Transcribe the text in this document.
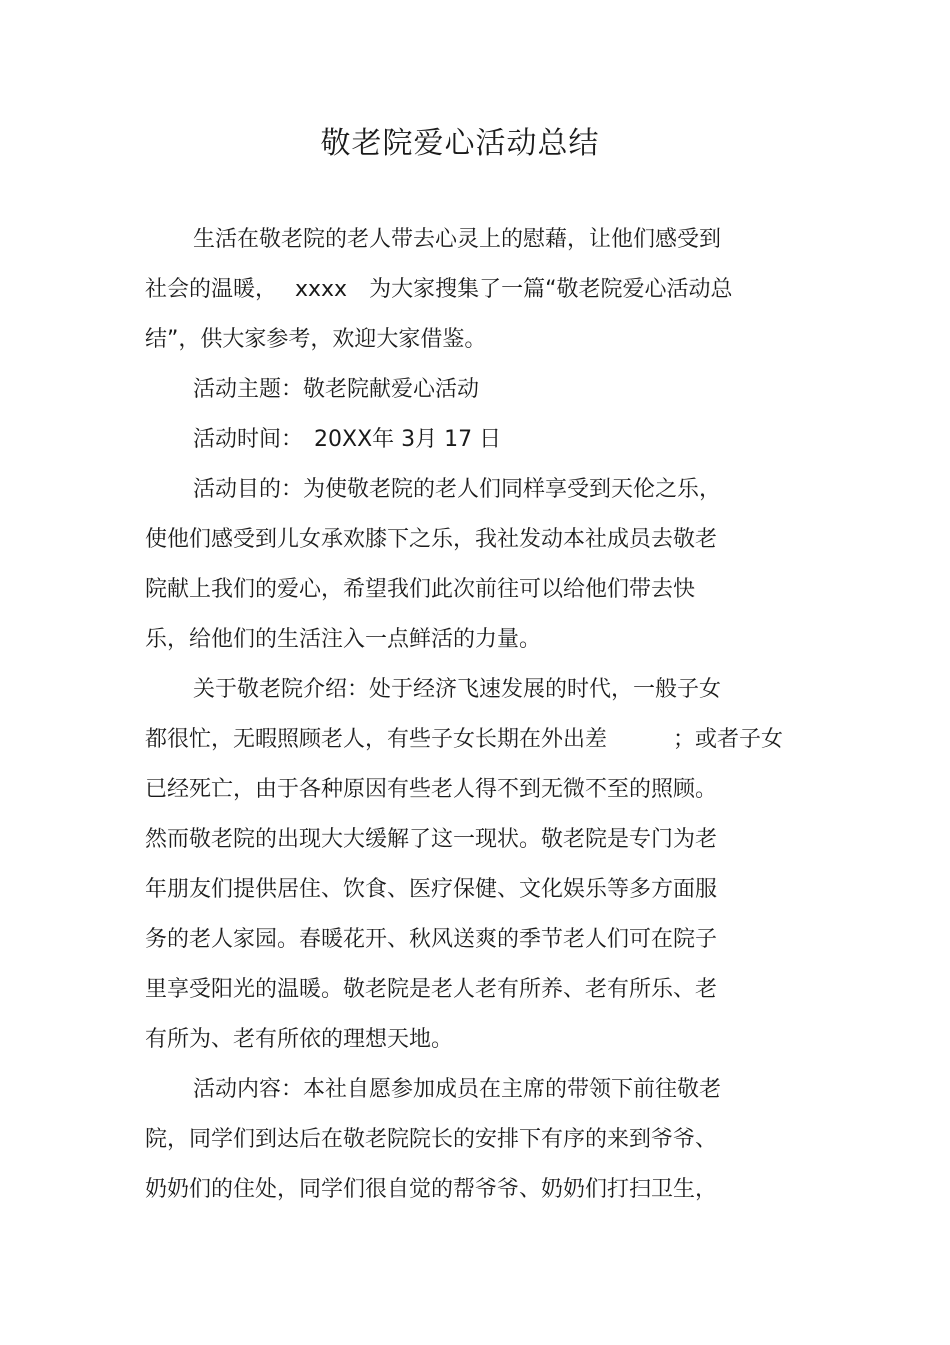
敬老院爱心活动总结
生活在敬老院的老人带去心灵上的慰藉，让他们感受到
社会的温暖，　 xxxx　为大家搜集了一篇“敬老院爱心活动总
结”，供大家参考，欢迎大家借鉴。
活动主题：敬老院献爱心活动
活动时间：　20XX年 3月 17 日
活动目的：为使敬老院的老人们同样享受到天伦之乐，
使他们感受到儿女承欢膝下之乐，我社发动本社成员去敬老
院献上我们的爱心，希望我们此次前往可以给他们带去快
乐，给他们的生活注入一点鲜活的力量。
关于敬老院介绍：处于经济飞速发展的时代，一般子女
都很忙，无暇照顾老人，有些子女长期在外出差　　　；或者子女
已经死亡，由于各种原因有些老人得不到无微不至的照顾。
然而敬老院的出现大大缓解了这一现状。敬老院是专门为老
年朋友们提供居住、饮食、医疗保健、文化娱乐等多方面服
务的老人家园。春暖花开、秋风送爽的季节老人们可在院子
里享受阳光的温暖。敬老院是老人老有所养、老有所乐、老
有所为、老有所依的理想天地。
活动内容：本社自愿参加成员在主席的带领下前往敬老
院，同学们到达后在敬老院院长的安排下有序的来到爷爷、
奶奶们的住处，同学们很自觉的帮爷爷、奶奶们打扫卫生，
